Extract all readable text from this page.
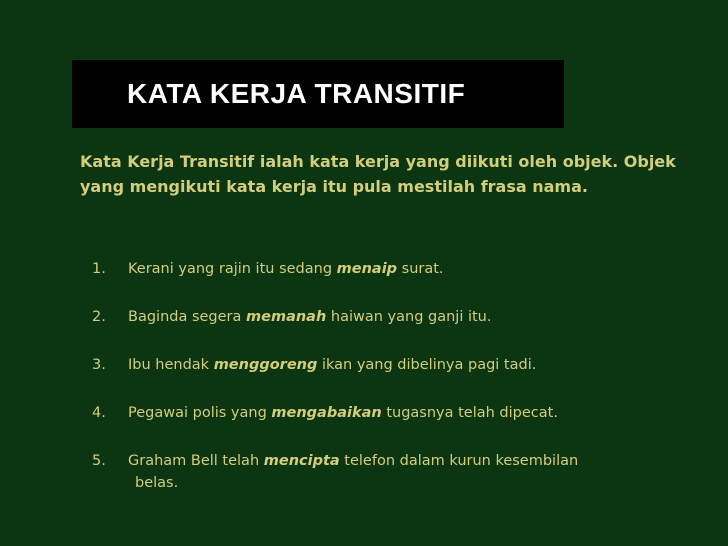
KATA KERJA TRANSITIF
Kata Kerja Transitif ialah kata kerja yang diikuti oleh objek. Objek yang mengikuti kata kerja itu pula mestilah frasa nama.
1. Kerani yang rajin itu sedang menaip surat.
2. Baginda segera memanah haiwan yang ganji itu.
3. Ibu hendak menggoreng ikan yang dibelinya pagi tadi.
4. Pegawai polis yang mengabaikan tugasnya telah dipecat.
5. Graham Bell telah mencipta telefon dalam kurun kesembilan
belas.
